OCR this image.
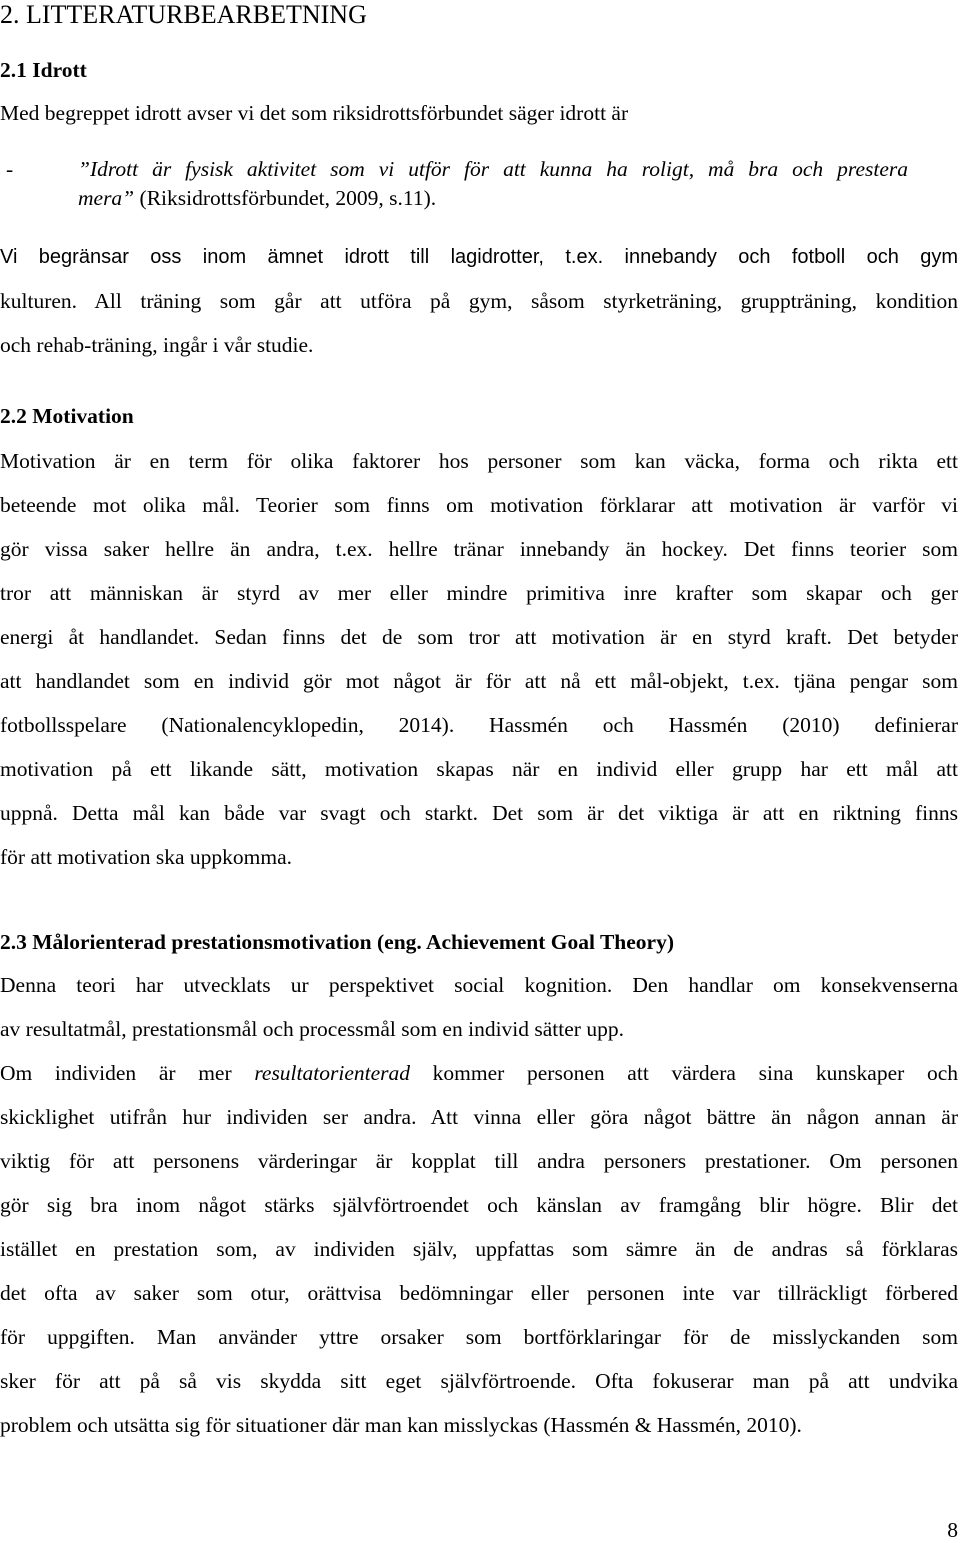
2. LITTERATURBEARBETNING
2.1 Idrott
Med begreppet idrott avser vi det som riksidrottsförbundet säger idrott är
-	”Idrott är fysisk aktivitet som vi utför för att kunna ha roligt, må bra och prestera
mera” (Riksidrottsförbundet, 2009, s.11).
Vi begränsar oss inom ämnet idrott till lagidrotter, t.ex. innebandy och fotboll och gym
kulturen. All träning som går att utföra på gym, såsom styrketräning, gruppträning, kondition
och rehab-träning, ingår i vår studie.
2.2 Motivation
Motivation är en term för olika faktorer hos personer som kan väcka, forma och rikta ett
beteende mot olika mål. Teorier som finns om motivation förklarar att motivation är varför vi
gör vissa saker hellre än andra, t.ex. hellre tränar innebandy än hockey. Det finns teorier som
tror att människan är styrd av mer eller mindre primitiva inre krafter som skapar och ger
energi åt handlandet. Sedan finns det de som tror att motivation är en styrd kraft. Det betyder
att handlandet som en individ gör mot något är för att nå ett mål-objekt, t.ex. tjäna pengar som
fotbollsspelare (Nationalencyklopedin, 2014). Hassmén och Hassmén (2010) definierar
motivation på ett likande sätt, motivation skapas när en individ eller grupp har ett mål att
uppnå. Detta mål kan både var svagt och starkt. Det som är det viktiga är att en riktning finns
för att motivation ska uppkomma.
2.3 Målorienterad prestationsmotivation (eng. Achievement Goal Theory)
Denna teori har utvecklats ur perspektivet social kognition. Den handlar om konsekvenserna
av resultatmål, prestationsmål och processmål som en individ sätter upp.
Om individen är mer resultatorienterad kommer personen att värdera sina kunskaper och
skicklighet utifrån hur individen ser andra. Att vinna eller göra något bättre än någon annan är
viktig för att personens värderingar är kopplat till andra personers prestationer. Om personen
gör sig bra inom något stärks självförtroendet och känslan av framgång blir högre. Blir det
istället en prestation som, av individen själv, uppfattas som sämre än de andras så förklaras
det ofta av saker som otur, orättvisa bedömningar eller personen inte var tillräckligt förbered
för uppgiften. Man använder yttre orsaker som bortförklaringar för de misslyckanden som
sker för att på så vis skydda sitt eget självförtroende. Ofta fokuserar man på att undvika
problem och utsätta sig för situationer där man kan misslyckas (Hassmén & Hassmén, 2010).
8
